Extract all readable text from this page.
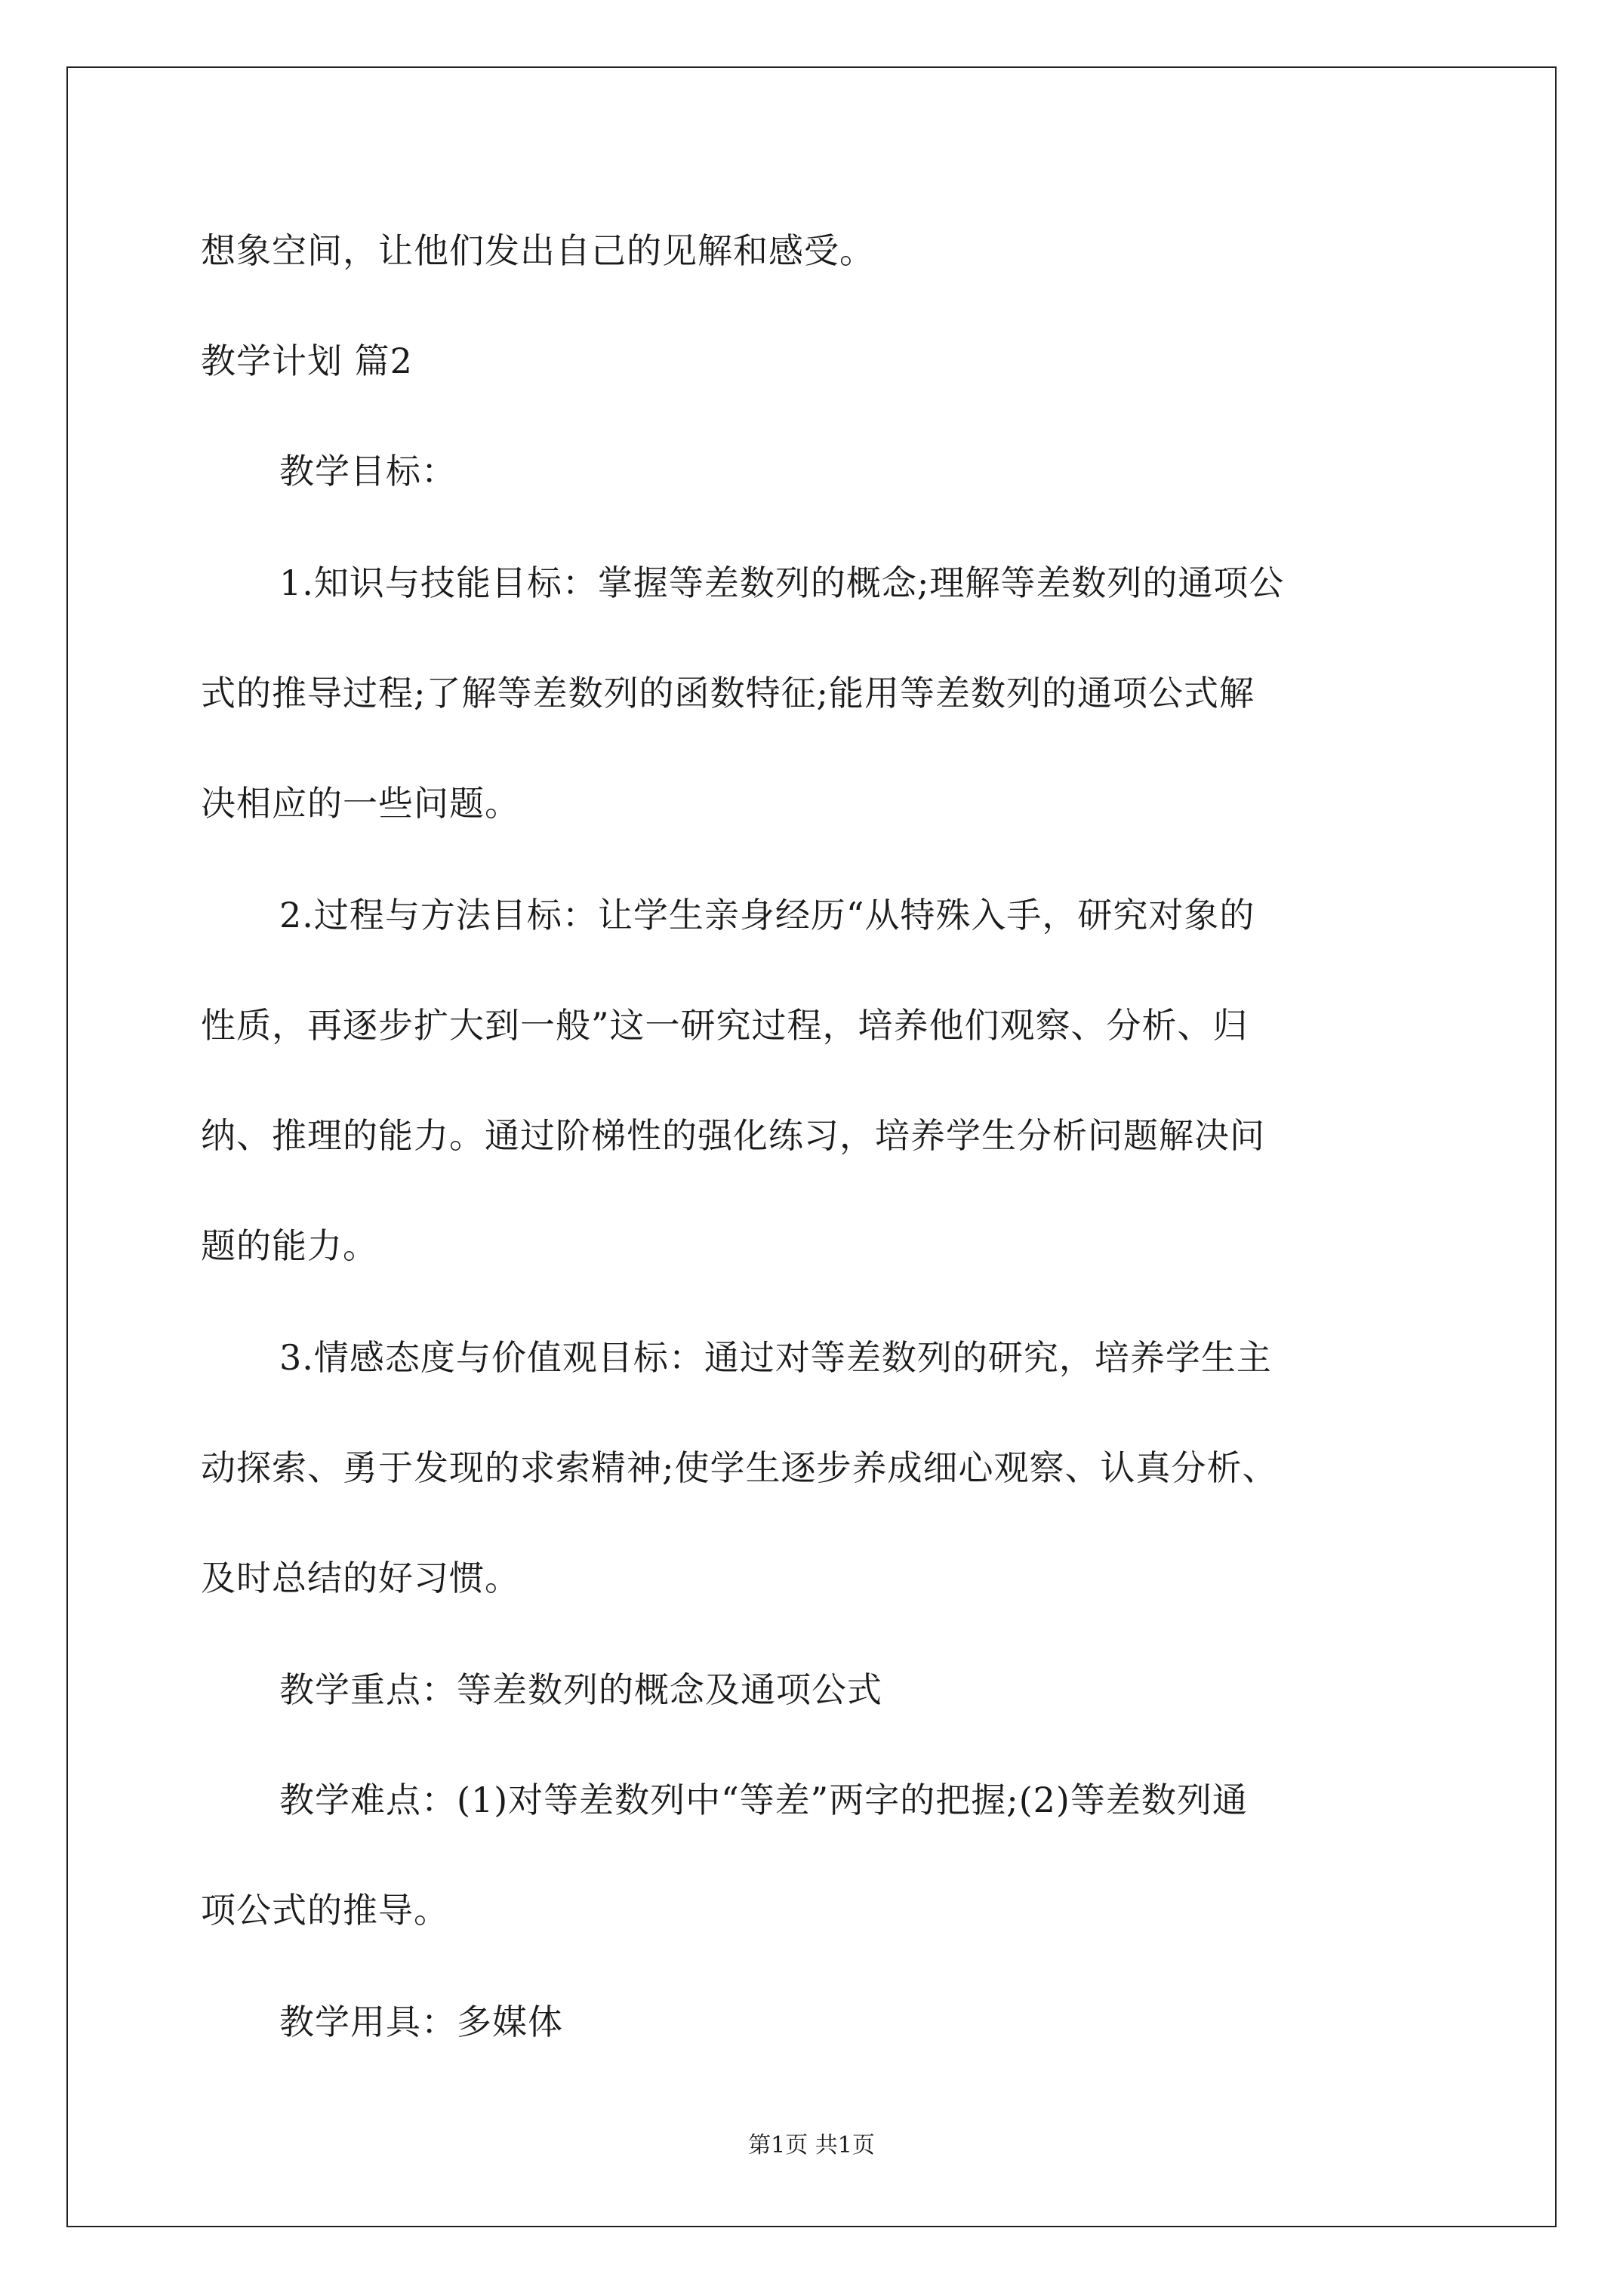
想象空间，让他们发出自己的见解和感受。
教学计划 篇2
教学目标：
1.知识与技能目标：掌握等差数列的概念;理解等差数列的通项公
式的推导过程;了解等差数列的函数特征;能用等差数列的通项公式解
决相应的一些问题。
2.过程与方法目标：让学生亲身经历“从特殊入手，研究对象的
性质，再逐步扩大到一般”这一研究过程，培养他们观察、分析、归
纳、推理的能力。通过阶梯性的强化练习，培养学生分析问题解决问
题的能力。
3.情感态度与价值观目标：通过对等差数列的研究，培养学生主
动探索、勇于发现的求索精神;使学生逐步养成细心观察、认真分析、
及时总结的好习惯。
教学重点：等差数列的概念及通项公式
教学难点：(1)对等差数列中“等差”两字的把握;(2)等差数列通
项公式的推导。
教学用具：多媒体
第1页 共1页
